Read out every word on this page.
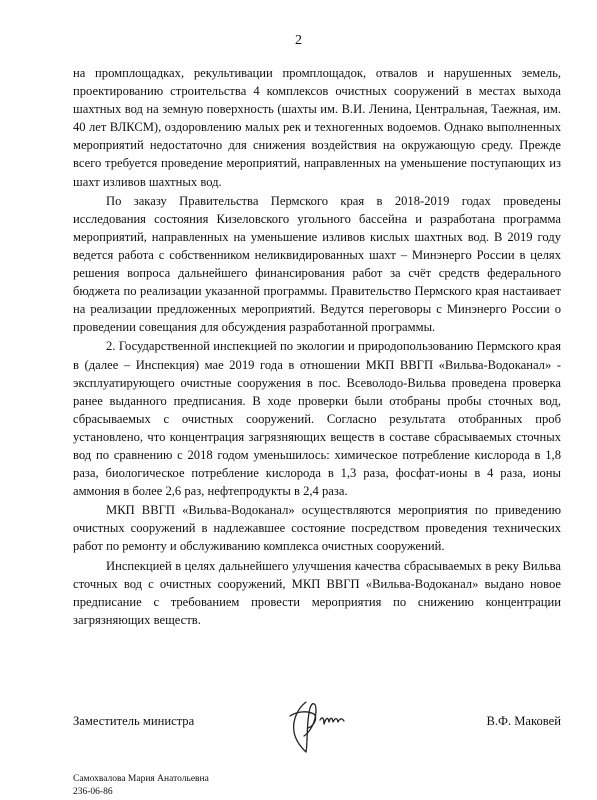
2

на промплощадках, рекультивации промплощадок, отвалов и нарушенных земель, проектированию строительства 4 комплексов очистных сооружений в местах выхода шахтных вод на земную поверхность (шахты им. В.И. Ленина, Центральная, Таежная, им. 40 лет ВЛКСМ), оздоровлению малых рек и техногенных водоемов. Однако выполненных мероприятий недостаточно для снижения воздействия на окружающую среду. Прежде всего требуется проведение мероприятий, направленных на уменьшение поступающих из шахт изливов шахтных вод.

По заказу Правительства Пермского края в 2018-2019 годах проведены исследования состояния Кизеловского угольного бассейна и разработана программа мероприятий, направленных на уменьшение изливов кислых шахтных вод. В 2019 году ведется работа с собственником неликвидированных шахт – Минэнерго России в целях решения вопроса дальнейшего финансирования работ за счёт средств федерального бюджета по реализации указанной программы. Правительство Пермского края настаивает на реализации предложенных мероприятий. Ведутся переговоры с Минэнерго России о проведении совещания для обсуждения разработанной программы.

2. Государственной инспекцией по экологии и природопользованию Пермского края в (далее – Инспекция) мае 2019 года в отношении МКП ВВГП «Вильва-Водоканал» - эксплуатирующего очистные сооружения в пос. Всеволодо-Вильва проведена проверка ранее выданного предписания. В ходе проверки были отобраны пробы сточных вод, сбрасываемых с очистных сооружений. Согласно результата отобранных проб установлено, что концентрация загрязняющих веществ в составе сбрасываемых сточных вод по сравнению с 2018 годом уменьшилось: химическое потребление кислорода в 1,8 раза, биологическое потребление кислорода в 1,3 раза, фосфат-ионы в 4 раза, ионы аммония в более 2,6 раз, нефтепродукты в 2,4 раза.

МКП ВВГП «Вильва-Водоканал» осуществляются мероприятия по приведению очистных сооружений в надлежавшее состояние посредством проведения технических работ по ремонту и обслуживанию комплекса очистных сооружений.

Инспекцией в целях дальнейшего улучшения качества сбрасываемых в реку Вильва сточных вод с очистных сооружений, МКП ВВГП «Вильва-Водоканал» выдано новое предписание с требованием провести мероприятия по снижению концентрации загрязняющих веществ.

Заместитель министра	В.Ф. Маковей
Самохвалова Мария Анатольевна
236-06-86
